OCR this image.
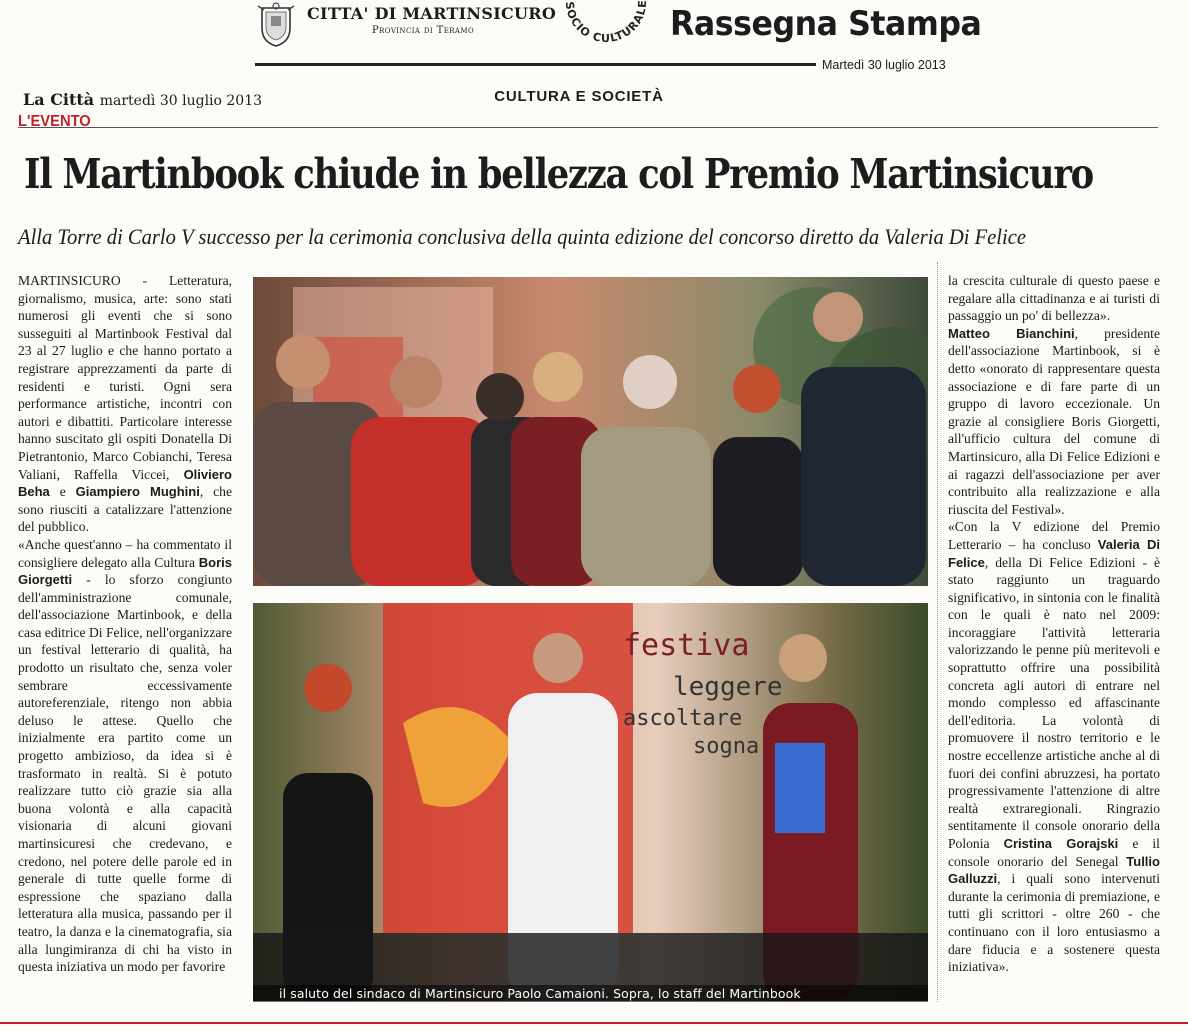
CITTA' DI MARTINSICURO
Provincia di Teramo
SOCIO CULTURALE
Rassegna Stampa
Martedì 30 luglio 2013
La Città martedì 30 luglio 2013	CULTURA E SOCIETÀ
L'EVENTO
Il Martinbook chiude in bellezza col Premio Martinsicuro
Alla Torre di Carlo V successo per la cerimonia conclusiva della quinta edizione del concorso diretto da Valeria Di Felice

MARTINSICURO - Letteratura, giornalismo, musica, arte: sono stati numerosi gli eventi che si sono susseguiti al Martinbook Festival dal 23 al 27 luglio e che hanno portato a registrare apprezzamenti da parte di residenti e turisti. Ogni sera performance artistiche, incontri con autori e dibattiti. Particolare interesse hanno suscitato gli ospiti Donatella Di Pietrantonio, Marco Cobianchi, Teresa Valiani, Raffella Viccei, Oliviero Beha e Giampiero Mughini, che sono riusciti a catalizzare l'attenzione del pubblico.

«Anche quest'anno – ha commentato il consigliere delegato alla Cultura Boris Giorgetti - lo sforzo congiunto dell'amministrazione comunale, dell'associazione Martinbook, e della casa editrice Di Felice, nell'organizzare un festival letterario di qualità, ha prodotto un risultato che, senza voler sembrare eccessivamente autoreferenziale, ritengo non abbia deluso le attese. Quello che inizialmente era partito come un progetto ambizioso, da idea si è trasformato in realtà. Si è potuto realizzare tutto ciò grazie sia alla buona volontà e alla capacità visionaria di alcuni giovani martinsicuresi che credevano, e credono, nel potere delle parole ed in generale di tutte quelle forme di espressione che spaziano dalla letteratura alla musica, passando per il teatro, la danza e la cinematografia, sia alla lungimiranza di chi ha visto in questa iniziativa un modo per favorire

festiva
leggere
ascoltare
sogna
il saluto del sindaco di Martinsicuro Paolo Camaioni. Sopra, lo staff del Martinbook

la crescita culturale di questo paese e regalare alla cittadinanza e ai turisti di passaggio un po' di bellezza».

Matteo Bianchini, presidente dell'associazione Martinbook, si è detto «onorato di rappresentare questa associazione e di fare parte di un gruppo di lavoro eccezionale. Un grazie al consigliere Boris Giorgetti, all'ufficio cultura del comune di Martinsicuro, alla Di Felice Edizioni e ai ragazzi dell'associazione per aver contribuito alla realizzazione e alla riuscita del Festival».

«Con la V edizione del Premio Letterario – ha concluso Valeria Di Felice, della Di Felice Edizioni - è stato raggiunto un traguardo significativo, in sintonia con le finalità con le quali è nato nel 2009: incoraggiare l'attività letteraria valorizzando le penne più meritevoli e soprattutto offrire una possibilità concreta agli autori di entrare nel mondo complesso ed affascinante dell'editoria. La volontà di promuovere il nostro territorio e le nostre eccellenze artistiche anche al di fuori dei confini abruzzesi, ha portato progressivamente l'attenzione di altre realtà extraregionali. Ringrazio sentitamente il console onorario della Polonia Cristina Gorajski e il console onorario del Senegal Tullio Galluzzi, i quali sono intervenuti durante la cerimonia di premiazione, e tutti gli scrittori - oltre 260 - che continuano con il loro entusiasmo a dare fiducia e a sostenere questa iniziativa».
